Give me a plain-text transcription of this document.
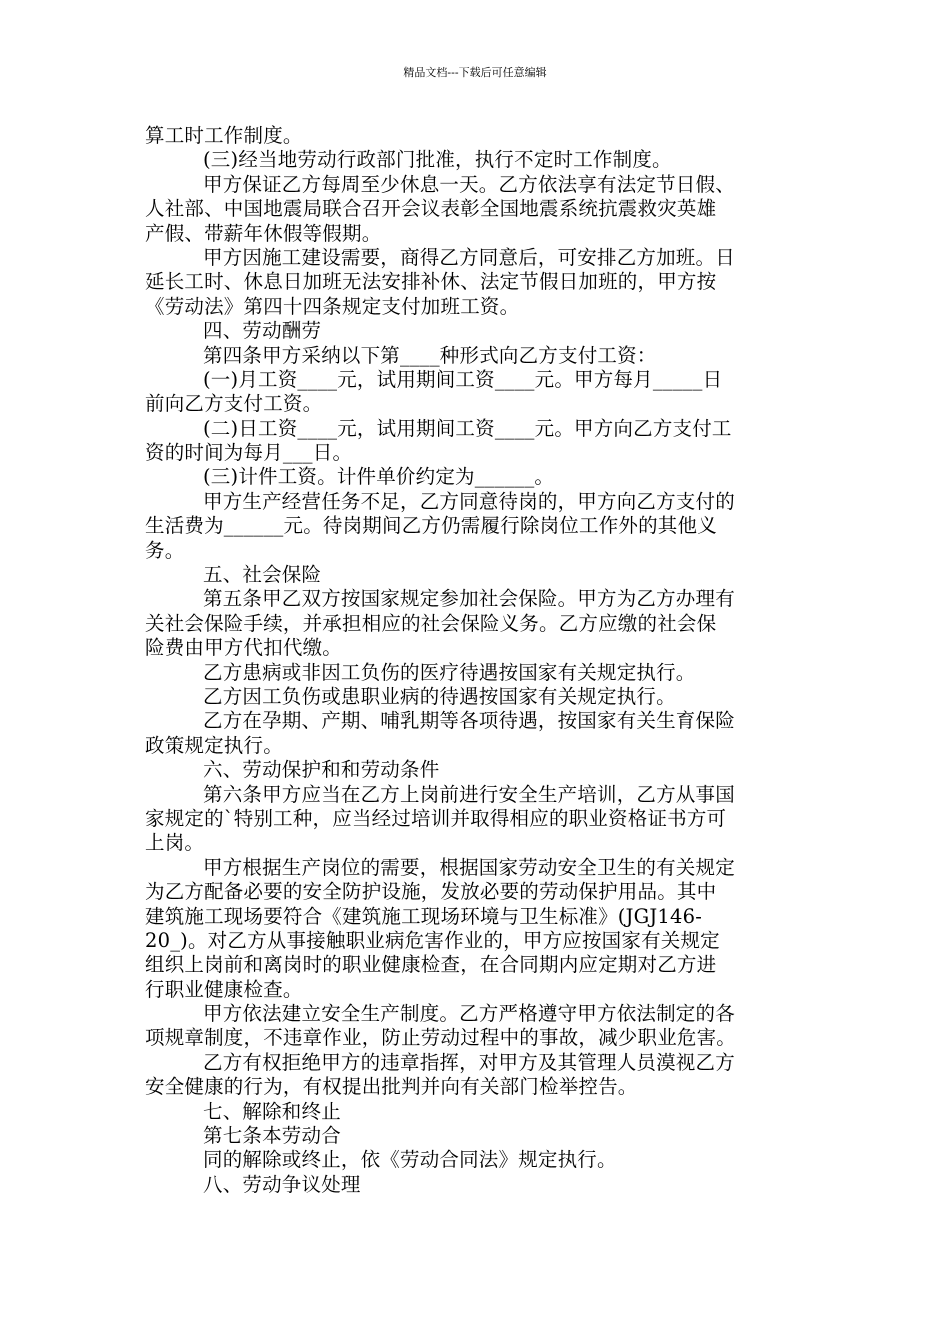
精品文档---下载后可任意编辑
算工时工作制度。
(三)经当地劳动行政部门批准，执行不定时工作制度。
甲方保证乙方每周至少休息一天。乙方依法享有法定节日假、
人社部、中国地震局联合召开会议表彰全国地震系统抗震救灾英雄
产假、带薪年休假等假期。
甲方因施工建设需要，商得乙方同意后，可安排乙方加班。日
延长工时、休息日加班无法安排补休、法定节假日加班的，甲方按
《劳动法》第四十四条规定支付加班工资。
四、劳动酬劳
第四条甲方采纳以下第____种形式向乙方支付工资：
(一)月工资____元，试用期间工资____元。甲方每月_____日
前向乙方支付工资。
(二)日工资____元，试用期间工资____元。甲方向乙方支付工
资的时间为每月___日。
(三)计件工资。计件单价约定为______。
甲方生产经营任务不足，乙方同意待岗的，甲方向乙方支付的
生活费为______元。待岗期间乙方仍需履行除岗位工作外的其他义
务。
五、社会保险
第五条甲乙双方按国家规定参加社会保险。甲方为乙方办理有
关社会保险手续，并承担相应的社会保险义务。乙方应缴的社会保
险费由甲方代扣代缴。
乙方患病或非因工负伤的医疗待遇按国家有关规定执行。
乙方因工负伤或患职业病的待遇按国家有关规定执行。
乙方在孕期、产期、哺乳期等各项待遇，按国家有关生育保险
政策规定执行。
六、劳动保护和和劳动条件
第六条甲方应当在乙方上岗前进行安全生产培训，乙方从事国
家规定的`特别工种，应当经过培训并取得相应的职业资格证书方可
上岗。
甲方根据生产岗位的需要，根据国家劳动安全卫生的有关规定
为乙方配备必要的安全防护设施，发放必要的劳动保护用品。其中
建筑施工现场要符合《建筑施工现场环境与卫生标准》(JGJ146-
20_)。对乙方从事接触职业病危害作业的，甲方应按国家有关规定
组织上岗前和离岗时的职业健康检查，在合同期内应定期对乙方进
行职业健康检查。
甲方依法建立安全生产制度。乙方严格遵守甲方依法制定的各
项规章制度，不违章作业，防止劳动过程中的事故，减少职业危害。
乙方有权拒绝甲方的违章指挥，对甲方及其管理人员漠视乙方
安全健康的行为，有权提出批判并向有关部门检举控告。
七、解除和终止
第七条本劳动合
同的解除或终止，依《劳动合同法》规定执行。
八、劳动争议处理
